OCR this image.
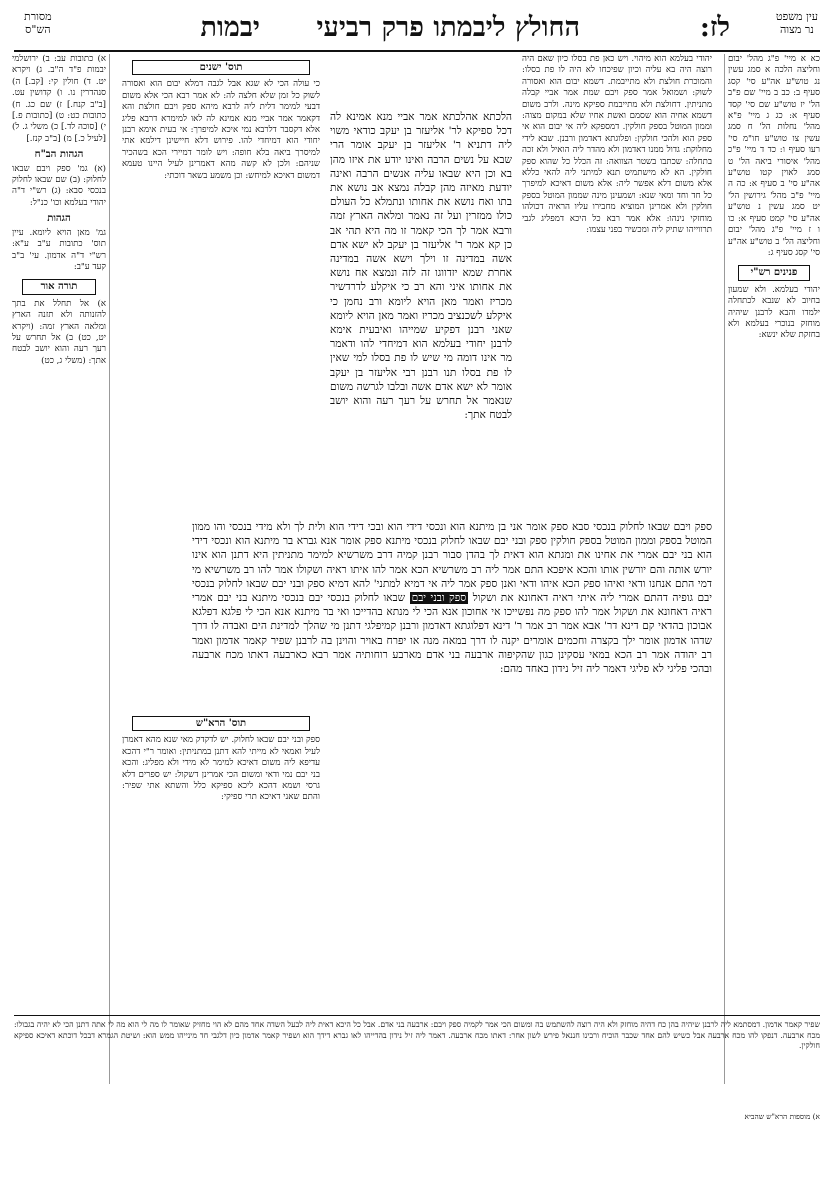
עין משפט
נר מצוה
לז:
החולץ ליבמתו פרק רביעי
יבמות
מסורת
הש"ס

כא א מיי' פ"ג מהל' יבום וחליצה הלכה א סמג עשין נג טוש"ע אה"ע סי' קסג סעיף ב: כב ב מיי' שם פ"ב הל' יז טוש"ע שם סי' קסד סעיף א: כג ג מיי' פ"א מהל' נחלות הל' ח סמג עשין צו טוש"ע חו"מ סי' רעו סעיף ו: כד ד מיי' פ"כ מהל' איסורי ביאה הל' ט סמג לאוין קטו טוש"ע אה"ע סי' ב סעיף א: כה ה מיי' פ"ב מהל' גירושין הל' יט סמג עשין נ טוש"ע אה"ע סי' קמט סעיף א: כו ו ז מיי' פ"ג מהל' יבום וחליצה הל' ב טוש"ע אה"ע סי' קסג סעיף ג:

פנינים רש"י

יהודי בעלמא. ולא שמעון בחיוב לא שנבא לכתחלה ילמדו והבא לרבנן שיהיה מוחזק בנוכרי בעלמא ולא בחזקת שלא ינשא:

יהודי בעלמא הוא מיהוי. ויש כאן פת בסלו כיון שאם היה רוצה היה בא עליה וכיון שפיכחו לא היה לו פת בסלו: והמוכרת חולצת ולא מתייבמת. דשמא יבום הוא ואסורה לשוק: ושמואל אמר ספק ויבם שמת אמר אביי קבלה מתניתין. דחולצת ולא מתייבמת ספיקא מינה. ולרב משום דשמא אחיה הוא שסמם ואשת אחיו שלא במקום מצוה: וממון המוטל בספק חולקין. דמספקא ליה אי יבום הוא אי ספק הוא ולהכי חולקין: ופלוגתא דאדמון ורבנן. שבא לידי מחלוקת: גדול ממנו דאדמון ולא מהדר ליה הואיל ולא זכה בתחלה: שכתבו בשטר הצוואה: זה הכלל כל שהוא ספק חולקין. הא לא מישתמיט תנא למיתני ליה להאי כללא אלא משום דלא אפשר ליה: אלא משום דאיכא למיפרך כל חד וחד ומאי שנא: ושמעינן מינה שממון המוטל בספק חולקין ולא אמרינן המוציא מחבירו עליו הראיה דכולהו מוחזקי נינהו: אלא אמר רבא כל היכא דמפליג לגבי תרווייהו שתיק ליה ומכשיר בפני עצמו:

הלכתא אהלכתא אמר אביי מנא אמינא לה דכל ספיקא לר' אליעזר בן יעקב כודאי משוי ליה דתניא ר' אליעזר בן יעקב אומר הרי שבא על נשים הרבה ואינו יודע את איזו מהן בא וכן היא שבאו עליה אנשים הרבה ואינה יודעת מאיזה מהן קבלה נמצא אב נושא את בתו ואח נושא את אחותו ונתמלא כל העולם כולו ממזרין ועל זה נאמר ומלאה הארץ זמה ורבא אמר לך הכי קאמר זו מה היא תהי אב כן קא אמר ר' אליעזר בן יעקב לא ישא אדם אשה במדינה זו וילך וישא אשה במדינה אחרת שמא יזדווגו זה לזה ונמצא אח נושא את אחותו איני והא רב כי איקלע לדרדשיר מכריז ואמר מאן הויא ליומא ורב נחמן כי איקלע לשכנציב מכריז ואמר מאן הויא ליומא שאני רבנן דפקיע שמייהו ואיבעית אימא לרבנן יחודי בעלמא הוא דמיחדי להו ודאמר מר אינו דומה מי שיש לו פת בסלו למי שאין לו פת בסלו תנו רבנן רבי אליעזר בן יעקב אומר לא ישא אדם אשה ובלבו לגרשה משום שנאמר אל תחרש על רעך רעה והוא יושב לבטח אתך:

תוס' ישנים

כי עולה הכי לא שגא אבל לגבה דמלא יבום הוא ואסורה לשוק כל זמן שלא חלצה לה: לא אמר רבא הכי אלא משום דבעי למימר דלית ליה לרבא מיהא ספק ויבם חולצת והא דקאמר אמר אביי מנא אמינא לה לאו למימרא דרבא פליג אלא דקסבר דלרבא נמי איכא למיפרך: אי בעית אימא רבנן יחודי הוא דמיחדי להו. פירוש דלא חיישינן דילמא אתי למיסרך ביאה בלא חופה: ויש לומר דמיירי הכא בשהכיר שניהם: ולכן לא קשה מהא דאמרינן לעיל היינו טעמא דמשום דאיכא למיחש: וכן משמע בשאר דוכתי:

ספק ויבם שבאו לחלוק בנכסי סבא ספק אומר אני בן מיתנא הוא ונכסי דידי הוא ובכי דידי הוא ולית לך ולא מידי בנכסי והו ממון המוטל בספק וממון המוטל בספק חולקין ספק ובני יבם שבאו לחלוק בנכסי מיתנא ספק אומר אנא גברא בר מיתנא הוא ונכסי דידי הוא בני יבם אמרי את אחינו את ומגתא הוא דאית לך בהדן סבור רבנן קמיה דרב משרשיא למימר מתניתין היא דתנן הוא אינו יורש אותה והם יורשין אותו והכא איפכא התם אמר ליה רב משרשיא הכא אמר להו איתו ראיה ושקולו אמר להו רב משרשיא מי דמי התם אנחנו ודאי ואיהו ספק הכא איהו ודאי ואנן ספק אמר ליה אי דמיא למתני' להא דמיא ספק ובני יבם שבאו לחלוק בנכסי יבם גופיה דהתם אמרי ליה איתי ראיה דאחונא את ושקול ספק ובני יבם שבאו לחלוק בנכסי יבם בנכסי מיתנא בני יבם אמרי ראיה דאחונא את ושקול אמר להו ספק מה נפשייכו אי אחוכון אנא הכי לי מנתא בהדייכו ואי בר מיתנא אנא הכי לי פלגא דפלגא אבוכון בהדאי קם דינא דר' אבא אמר רב אמר ר' דינא דפלוגתא דאדמון ורבנן קמיפלגי דתנן מי שהלך למדינת הים ואבדה לו דרך שדהו אדמון אומר ילך בקצרה וחכמים אומרים יקנה לו דרך במאה מנה או יפרח באויר והוינן בה לרבנן שפיר קאמר אדמון ואמר רב יהודה אמר רב הכא במאי עסקינן כגון שהקיפוה ארבעה בני אדם מארבע רוחותיה אמר רבא כארבעה דאתו מכח ארבעה ובהכי פליגי לא פליגי דאמר ליה זיל נידון באחד מהם:

תוס' הרא"ש

ספק ובני יבם שבאו לחלוק. יש לדקדק מאי שנא מהא דאמרן לעיל ואמאי לא מייתי להא דתנן במתניתין: ואומר ר"י דהכא עדיפא ליה משום דאיכא למימר לא מידי ולא מפליג: והכא בני יבם נמי ודאי ומשום הכי אמרינן דשקול: יש ספרים דלא גרסי ושמא דהכא ליכא ספיקא כלל והשתא אתי שפיר: והתם שאני דאיכא תרי ספיקי:

א) כתובות עב: ב) ירושלמי יבמות פ"ד ה"ב. ג) ויקרא יט. ד) חולין קי: [קב.] ה) סנהדרין נו. ו) קדושין עט. [ב"ב קנח.] ז) שם כג. ח) כתובות כט: ט) [כתובות פ.] י) [סוכה לד.] כ) משלי ג. ל) [לעיל כ.] מ) [ב"ב קנז.]

הגהות הב"ח

(א) גמ' ספק ויבם שבאו לחלוק: (ב) שם שבאו לחלוק בנכסי סבא: (ג) רש"י ד"ה יהודי בעלמא וכו' כנ"ל:

הגהות

גמ' מאן הויא ליומא. עיין תוס' כתובות ע"ב ע"א: רש"י ד"ה אדמון. עי' ב"ב קעד ע"ב:

תורה אור

א) אל תחלל את בתך להזנותה ולא תזנה הארץ ומלאה הארץ זמה: (ויקרא יט, כט) ב) אל תחרש על רעך רעה והוא יושב לבטח אתך: (משלי ג, כט)

שפיר קאמר אדמון. דמסתמא ליה לרבנן שיהיה בהן כח דהיה מוחזק ולא היה רוצה להשתמש בה ומשום הכי אמר לקמיה ספק ויבם: ארבעה בני אדם. אבל כל היכא דאית ליה לבעל השדה אחד מהם לא הוי מחזיק שאומר לו מה לי הוא מה לי אתה דתנן הכי לא יהיה בגבולו: מכח ארבעה. דנפקו להו מכח ארבעה אבל כשיש להם אחד שכבר הוכיח ורבינו חננאל פירש לשון אחר: דאתו מכח ארבעה. דאמר ליה זיל נידון בהדייהו לאו גברא דידך הוא ושפיר קאמר אדמון כיון דלגבי חד מינייהו ממש הוא: ושיטת הגמרא דבכל דוכתא דאיכא ספיקא חולקין.
א) מוספות הרא"ש שהביא
